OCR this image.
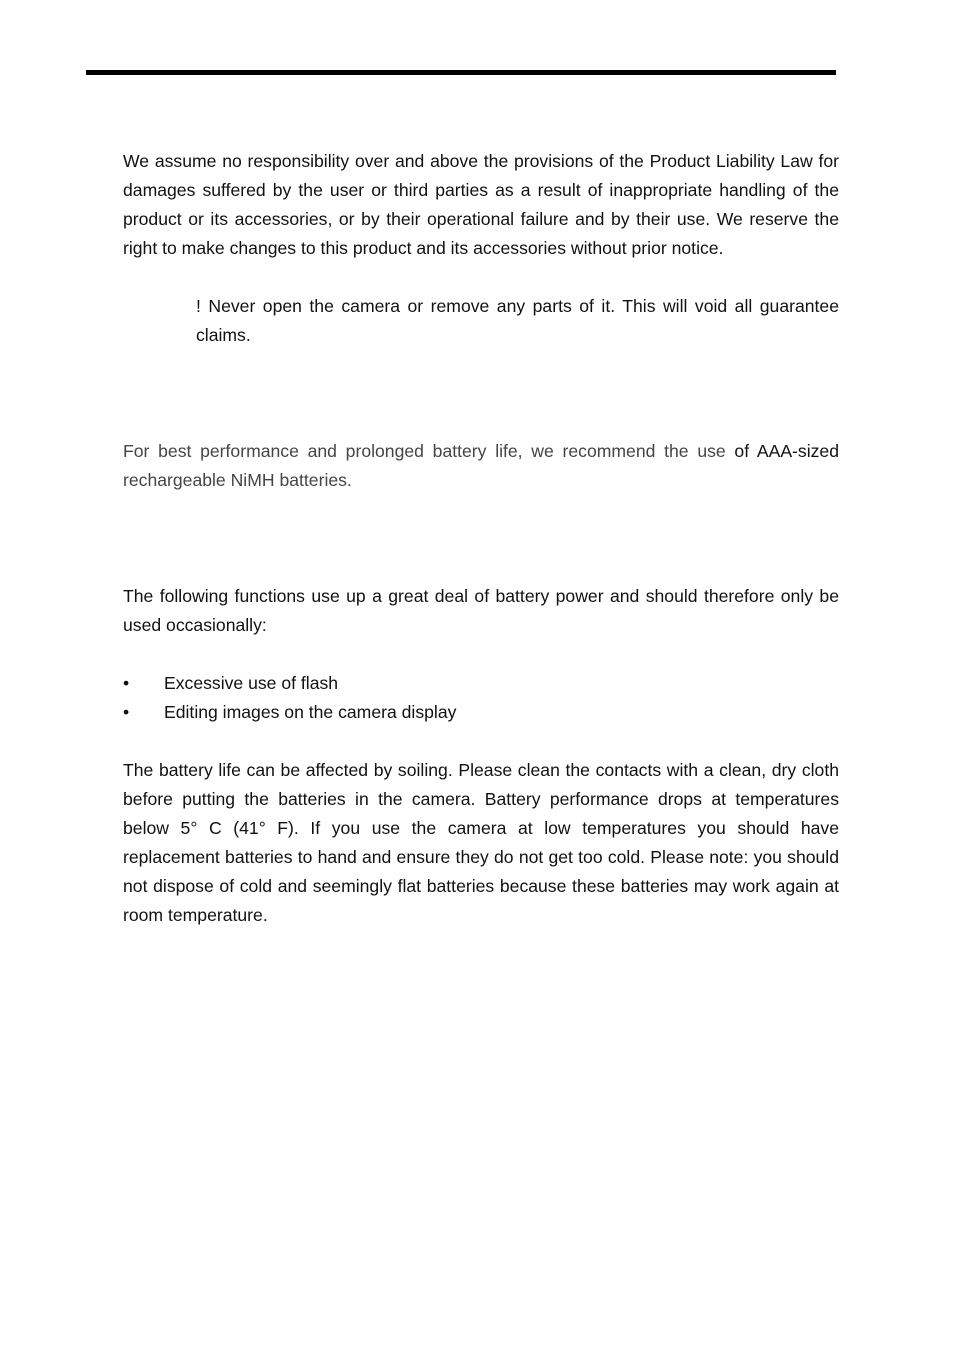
We assume no responsibility over and above the provisions of the Product Liability Law for damages suffered by the user or third parties as a result of inappropriate handling of the product or its accessories, or by their operational failure and by their use. We reserve the right to make changes to this product and its accessories without prior notice.

! Never open the camera or remove any parts of it. This will void all guarantee claims.

For best performance and prolonged battery life, we recommend the use of AAA-sized rechargeable NiMH batteries.

The following functions use up a great deal of battery power and should therefore only be used occasionally:

• Excessive use of flash
• Editing images on the camera display

The battery life can be affected by soiling. Please clean the contacts with a clean, dry cloth before putting the batteries in the camera. Battery performance drops at temperatures below 5° C (41° F). If you use the camera at low temperatures you should have replacement batteries to hand and ensure they do not get too cold. Please note: you should not dispose of cold and seemingly flat batteries because these batteries may work again at room temperature.
